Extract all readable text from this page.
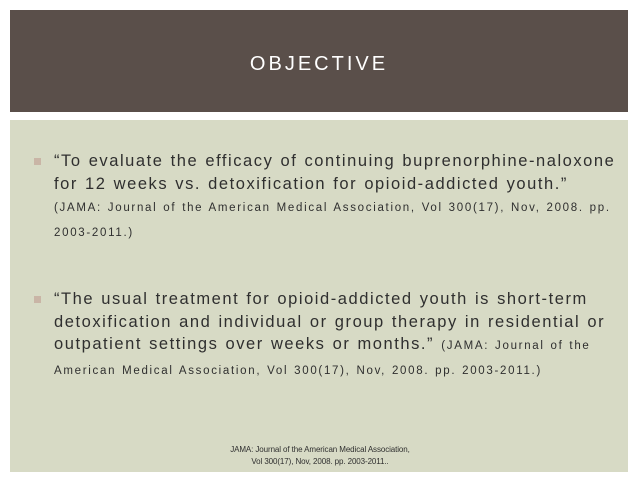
OBJECTIVE
“To evaluate the efficacy of continuing buprenorphine-naloxone for 12 weeks vs. detoxification for opioid-addicted youth.” (JAMA: Journal of the American Medical Association, Vol 300(17), Nov, 2008. pp. 2003-2011.)
“The usual treatment for opioid-addicted youth is short-term detoxification and individual or group therapy in residential or outpatient settings over weeks or months.” (JAMA: Journal of the American Medical Association, Vol 300(17), Nov, 2008. pp. 2003-2011.)
JAMA: Journal of the American Medical Association,
Vol 300(17), Nov, 2008. pp. 2003-2011..
